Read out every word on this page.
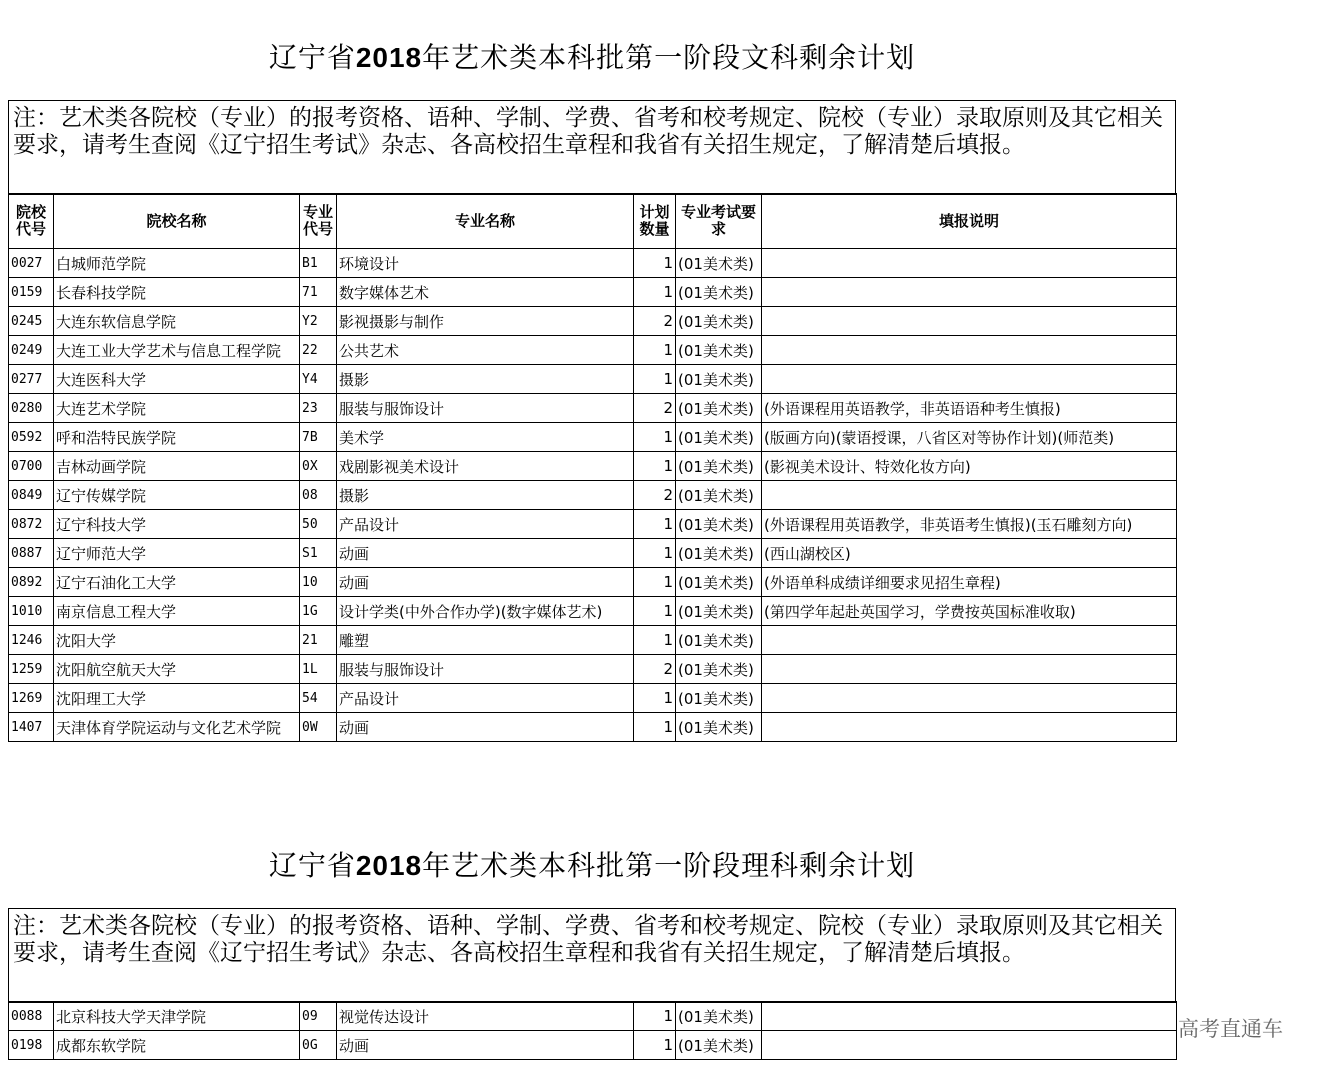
辽宁省2018年艺术类本科批第一阶段文科剩余计划
注：艺术类各院校（专业）的报考资格、语种、学制、学费、省考和校考规定、院校（专业）录取原则及其它相关要求，请考生查阅《辽宁招生考试》杂志、各高校招生章程和我省有关招生规定，了解清楚后填报。
院校代号	院校名称	专业代号	专业名称	计划数量	专业考试要求	填报说明
0027	白城师范学院	B1	环境设计	1	(01美术类)	
0159	长春科技学院	71	数字媒体艺术	1	(01美术类)	
0245	大连东软信息学院	Y2	影视摄影与制作	2	(01美术类)	
0249	大连工业大学艺术与信息工程学院	22	公共艺术	1	(01美术类)	
0277	大连医科大学	Y4	摄影	1	(01美术类)	
0280	大连艺术学院	23	服装与服饰设计	2	(01美术类)	(外语课程用英语教学，非英语语种考生慎报)
0592	呼和浩特民族学院	7B	美术学	1	(01美术类)	(版画方向)(蒙语授课，八省区对等协作计划)(师范类)
0700	吉林动画学院	0X	戏剧影视美术设计	1	(01美术类)	(影视美术设计、特效化妆方向)
0849	辽宁传媒学院	08	摄影	2	(01美术类)	
0872	辽宁科技大学	50	产品设计	1	(01美术类)	(外语课程用英语教学，非英语考生慎报)(玉石雕刻方向)
0887	辽宁师范大学	S1	动画	1	(01美术类)	(西山湖校区)
0892	辽宁石油化工大学	10	动画	1	(01美术类)	(外语单科成绩详细要求见招生章程)
1010	南京信息工程大学	1G	设计学类(中外合作办学)(数字媒体艺术)	1	(01美术类)	(第四学年起赴英国学习，学费按英国标准收取)
1246	沈阳大学	21	雕塑	1	(01美术类)	
1259	沈阳航空航天大学	1L	服装与服饰设计	2	(01美术类)	
1269	沈阳理工大学	54	产品设计	1	(01美术类)	
1407	天津体育学院运动与文化艺术学院	0W	动画	1	(01美术类)	
辽宁省2018年艺术类本科批第一阶段理科剩余计划
注：艺术类各院校（专业）的报考资格、语种、学制、学费、省考和校考规定、院校（专业）录取原则及其它相关要求，请考生查阅《辽宁招生考试》杂志、各高校招生章程和我省有关招生规定，了解清楚后填报。
0088	北京科技大学天津学院	09	视觉传达设计	1	(01美术类)	
0198	成都东软学院	0G	动画	1	(01美术类)	
高考直通车
